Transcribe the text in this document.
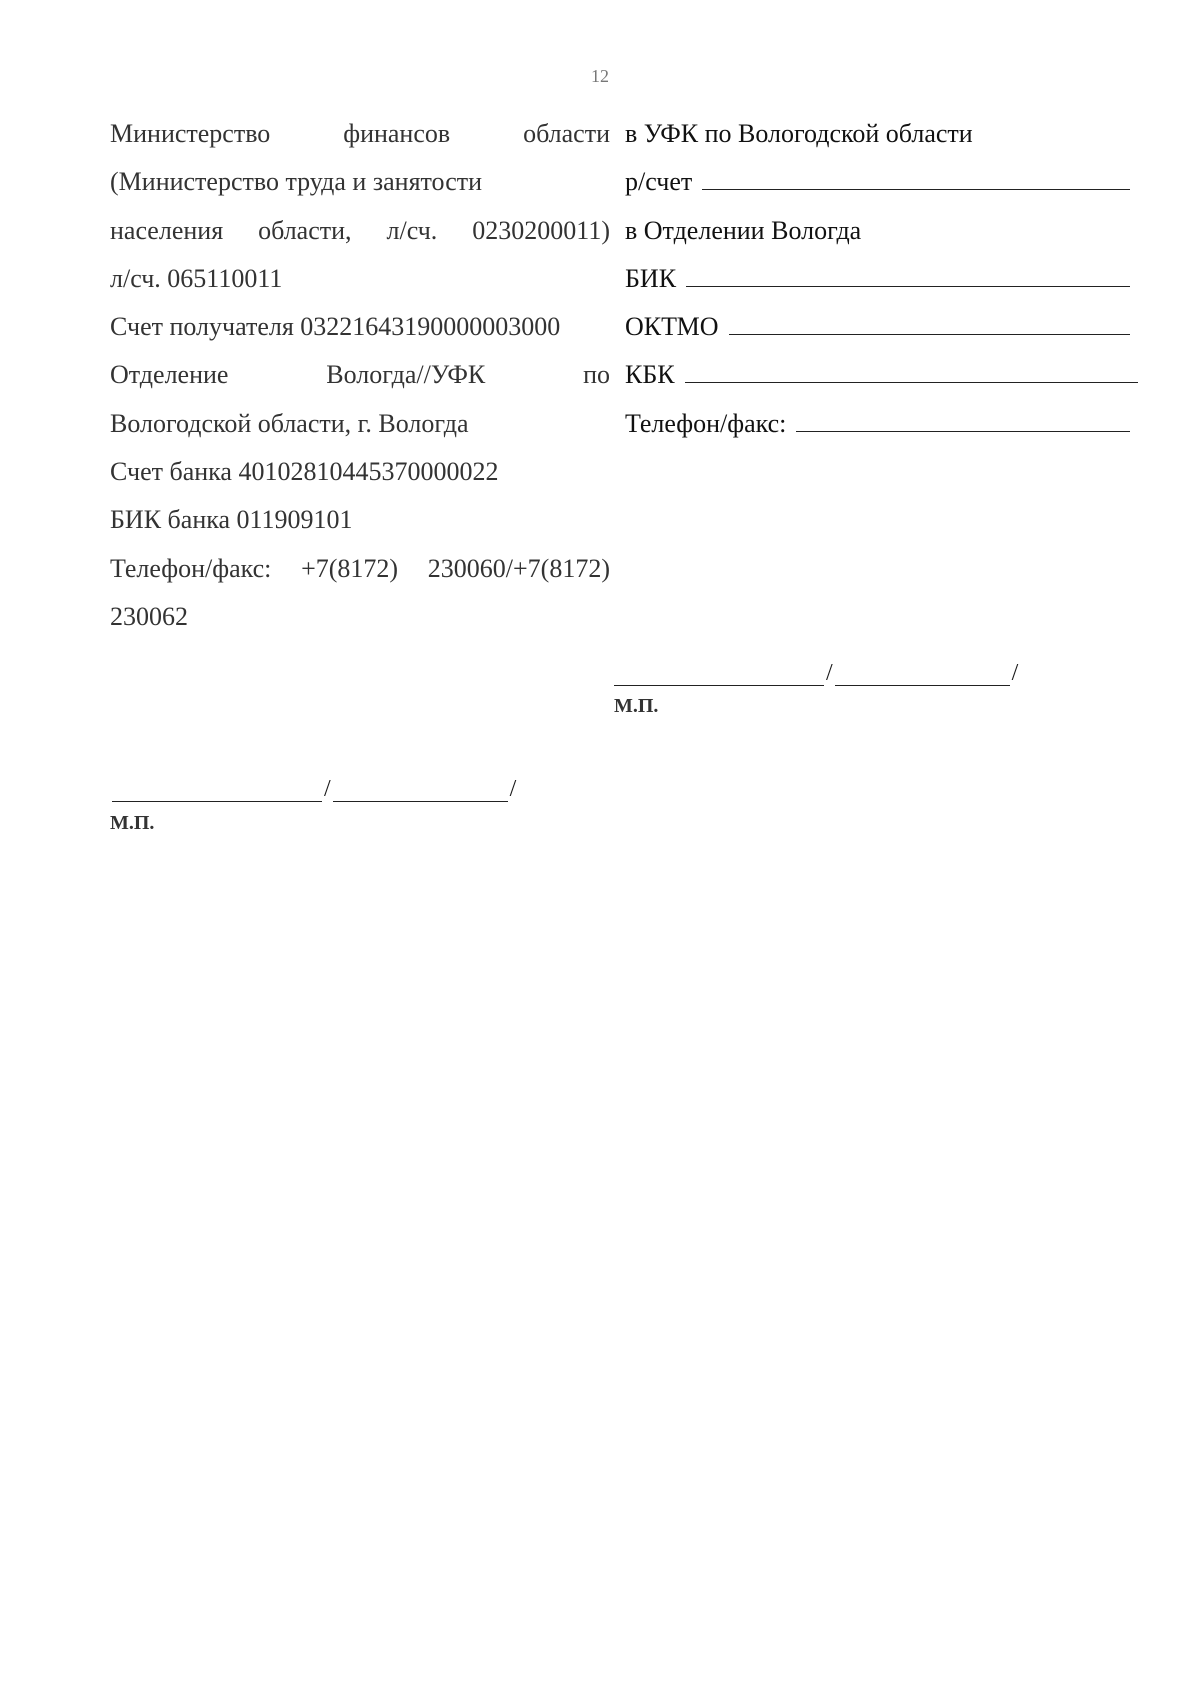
12
Министерство	финансов	области
(Министерство труда и занятости
населения области, л/сч. 0230200011)
л/сч. 065110011
Счет получателя 03221643190000003000
Отделение	Вологда//УФК	по
Вологодской области, г. Вологда
Счет банка 40102810445370000022
БИК банка 011909101
Телефон/факс: +7(8172) 230060/+7(8172)
230062
в УФК по Вологодской области
р/счет
в Отделении Вологда
БИК
ОКТМО
КБК
Телефон/факс:
/	/
М.П.
/	/
М.П.
